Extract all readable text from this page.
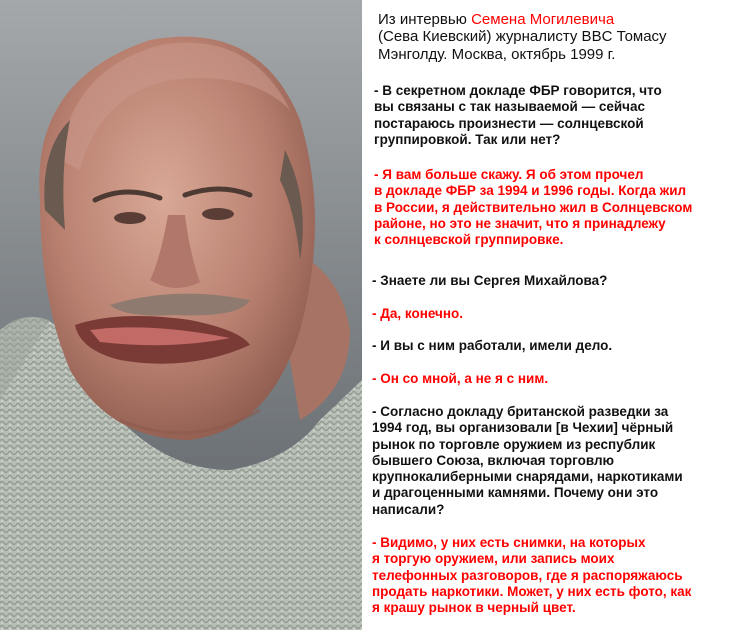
Из интервью Семена Могилевича
(Сева Киевский) журналисту BBC Томасу
Мэнголду. Москва, октябрь 1999 г.
- В секретном докладе ФБР говорится, что
вы связаны с так называемой — сейчас
постараюсь произнести — солнцевской
группировкой. Так или нет?
- Я вам больше скажу. Я об этом прочел
в докладе ФБР за 1994 и 1996 годы. Когда жил
в России, я действительно жил в Солнцевском
районе, но это не значит, что я принадлежу
к солнцевской группировке.
- Знаете ли вы Сергея Михайлова?
- Да, конечно.
- И вы с ним работали, имели дело.
- Он со мной, а не я с ним.
- Согласно докладу британской разведки за
1994 год, вы организовали [в Чехии] чёрный
рынок по торговле оружием из республик
бывшего Союза, включая торговлю
крупнокалиберными снарядами, наркотиками
и драгоценными камнями. Почему они это
написали?
- Видимо, у них есть снимки, на которых
я торгую оружием, или запись моих
телефонных разговоров, где я распоряжаюсь
продать наркотики. Может, у них есть фото, как
я крашу рынок в черный цвет.
